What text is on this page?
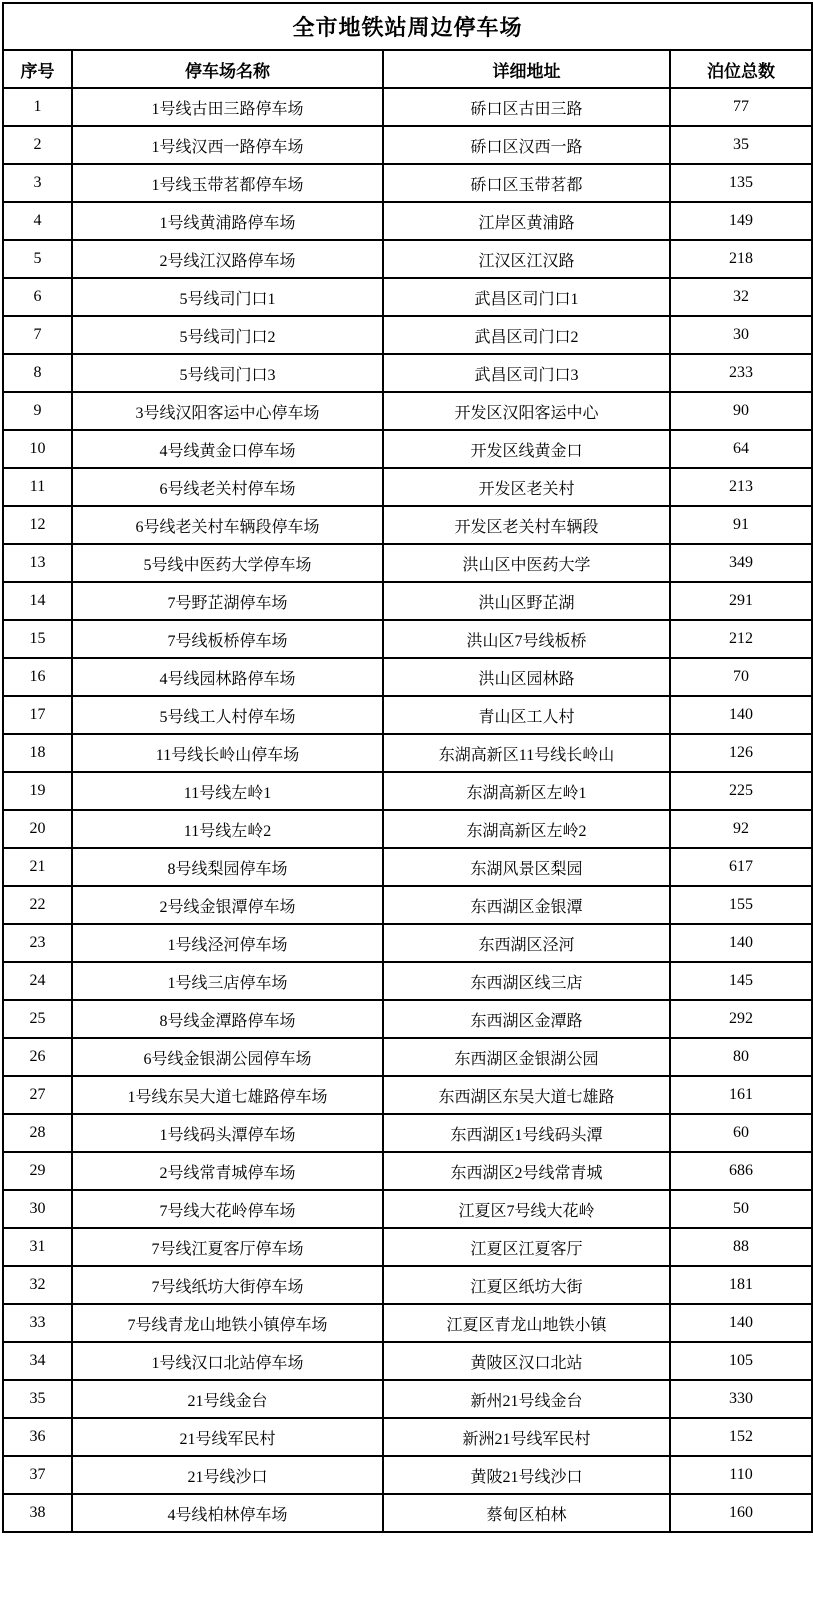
全市地铁站周边停车场			
序号	停车场名称	详细地址	泊位总数
1	1号线古田三路停车场	硚口区古田三路	77
2	1号线汉西一路停车场	硚口区汉西一路	35
3	1号线玉带茗都停车场	硚口区玉带茗都	135
4	1号线黄浦路停车场	江岸区黄浦路	149
5	2号线江汉路停车场	江汉区江汉路	218
6	5号线司门口1	武昌区司门口1	32
7	5号线司门口2	武昌区司门口2	30
8	5号线司门口3	武昌区司门口3	233
9	3号线汉阳客运中心停车场	开发区汉阳客运中心	90
10	4号线黄金口停车场	开发区线黄金口	64
11	6号线老关村停车场	开发区老关村	213
12	6号线老关村车辆段停车场	开发区老关村车辆段	91
13	5号线中医药大学停车场	洪山区中医药大学	349
14	7号野芷湖停车场	洪山区野芷湖	291
15	7号线板桥停车场	洪山区7号线板桥	212
16	4号线园林路停车场	洪山区园林路	70
17	5号线工人村停车场	青山区工人村	140
18	11号线长岭山停车场	东湖高新区11号线长岭山	126
19	11号线左岭1	东湖高新区左岭1	225
20	11号线左岭2	东湖高新区左岭2	92
21	8号线梨园停车场	东湖风景区梨园	617
22	2号线金银潭停车场	东西湖区金银潭	155
23	1号线泾河停车场	东西湖区泾河	140
24	1号线三店停车场	东西湖区线三店	145
25	8号线金潭路停车场	东西湖区金潭路	292
26	6号线金银湖公园停车场	东西湖区金银湖公园	80
27	1号线东吴大道七雄路停车场	东西湖区东吴大道七雄路	161
28	1号线码头潭停车场	东西湖区1号线码头潭	60
29	2号线常青城停车场	东西湖区2号线常青城	686
30	7号线大花岭停车场	江夏区7号线大花岭	50
31	7号线江夏客厅停车场	江夏区江夏客厅	88
32	7号线纸坊大街停车场	江夏区纸坊大街	181
33	7号线青龙山地铁小镇停车场	江夏区青龙山地铁小镇	140
34	1号线汉口北站停车场	黄陂区汉口北站	105
35	21号线金台	新州21号线金台	330
36	21号线军民村	新洲21号线军民村	152
37	21号线沙口	黄陂21号线沙口	110
38	4号线柏林停车场	蔡甸区柏林	160
